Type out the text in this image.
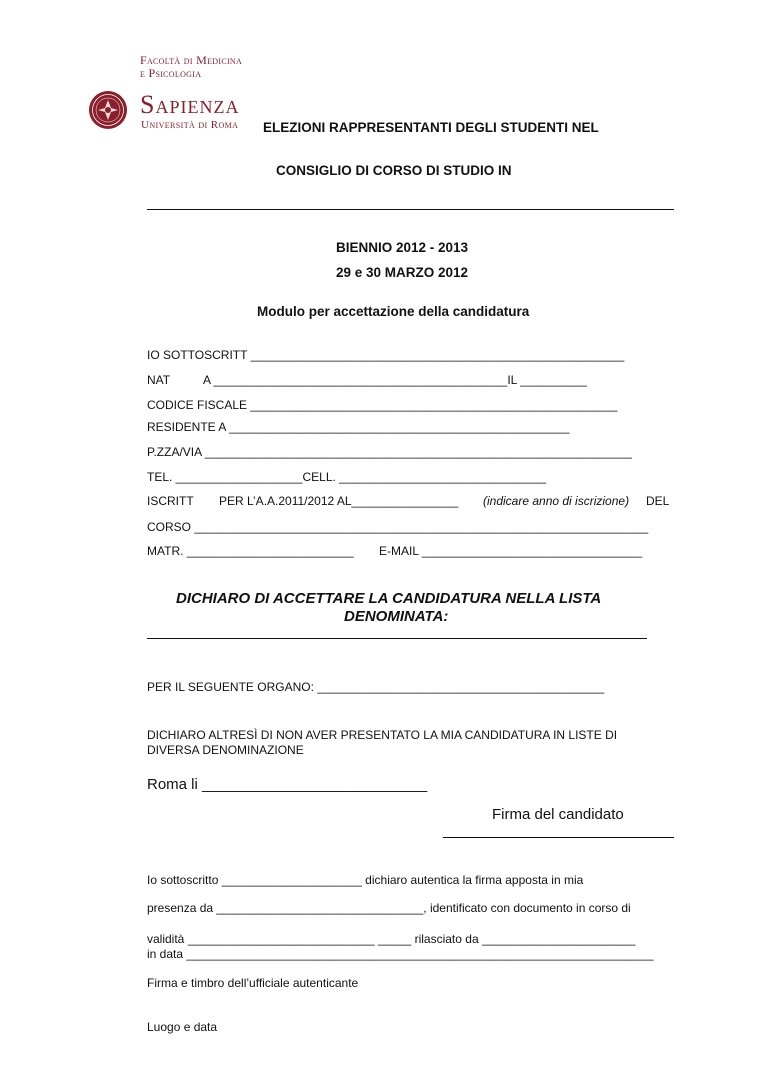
Facoltà di Medicina
e Psicologia
Sapienza
Università di Roma ELEZIONI RAPPRESENTANTI DEGLI STUDENTI NEL
CONSIGLIO DI CORSO DI STUDIO IN
BIENNIO 2012 - 2013
29 e 30 MARZO 2012
Modulo per accettazione della candidatura
IO SOTTOSCRITT ________________________________________________________
NAT	A ____________________________________________IL __________
CODICE FISCALE _______________________________________________________
RESIDENTE A ___________________________________________________
P.ZZA/VIA ________________________________________________________________
TEL. ___________________CELL. _______________________________
ISCRITT PER L’A.A.2011/2012 AL________________ (indicare anno di iscrizione) DEL
CORSO ____________________________________________________________________
MATR. _________________________ E-MAIL _________________________________
DICHIARO DI ACCETTARE LA CANDIDATURA NELLA LISTA
DENOMINATA:
PER IL SEGUENTE ORGANO: ___________________________________________
DICHIARO ALTRESÌ DI NON AVER PRESENTATO LA MIA CANDIDATURA IN LISTE DI
DIVERSA DENOMINAZIONE
Roma li ___________________________
Firma del candidato
Io sottoscritto _____________________ dichiaro autentica la firma apposta in mia
presenza da _______________________________, identificato con documento in corso di
validità ____________________________ _____ rilasciato da _______________________
in data ______________________________________________________________________
Firma e timbro dell’ufficiale autenticante
Luogo e data
